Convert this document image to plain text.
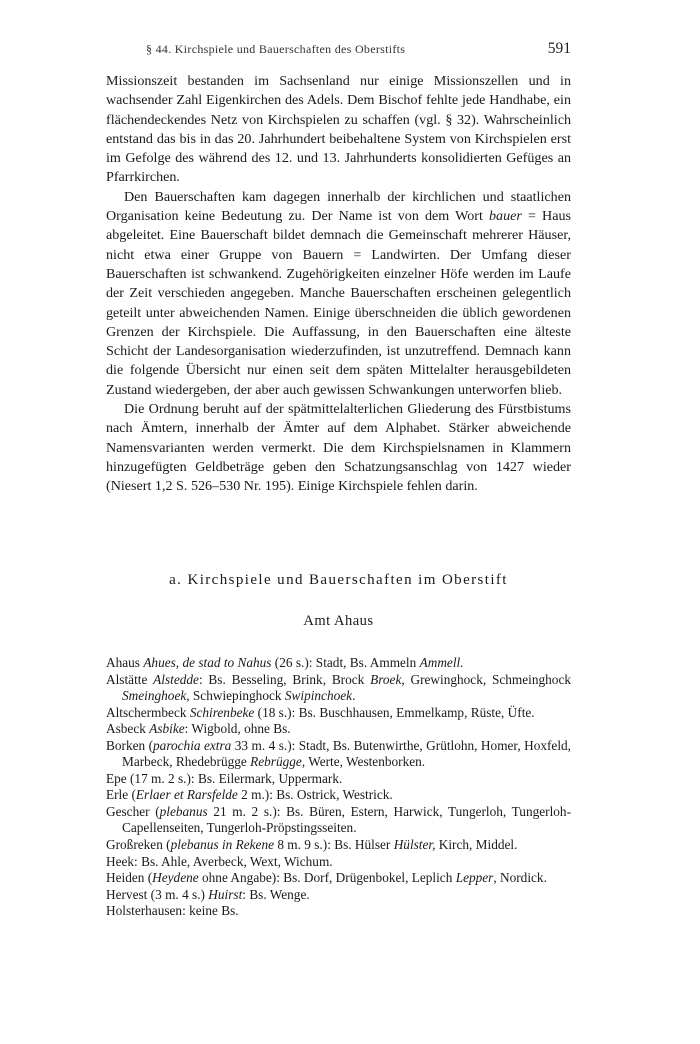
§ 44. Kirchspiele und Bauerschaften des Oberstifts	591

Missionszeit bestanden im Sachsenland nur einige Missionszellen und in wachsender Zahl Eigenkirchen des Adels. Dem Bischof fehlte jede Handhabe, ein flächendeckendes Netz von Kirchspielen zu schaffen (vgl. § 32). Wahrscheinlich entstand das bis in das 20. Jahrhundert beibehaltene System von Kirchspielen erst im Gefolge des während des 12. und 13. Jahrhunderts konsolidierten Gefüges an Pfarrkirchen.

Den Bauerschaften kam dagegen innerhalb der kirchlichen und staatlichen Organisation keine Bedeutung zu. Der Name ist von dem Wort bauer = Haus abgeleitet. Eine Bauerschaft bildet demnach die Gemeinschaft mehrerer Häuser, nicht etwa einer Gruppe von Bauern = Landwirten. Der Umfang dieser Bauerschaften ist schwankend. Zugehörigkeiten einzelner Höfe werden im Laufe der Zeit verschieden angegeben. Manche Bauerschaften erscheinen gelegentlich geteilt unter abweichenden Namen. Einige überschneiden die üblich gewordenen Grenzen der Kirchspiele. Die Auffassung, in den Bauerschaften eine älteste Schicht der Landesorganisation wiederzufinden, ist unzutreffend. Demnach kann die folgende Übersicht nur einen seit dem späten Mittelalter herausgebildeten Zustand wiedergeben, der aber auch gewissen Schwankungen unterworfen blieb.

Die Ordnung beruht auf der spätmittelalterlichen Gliederung des Fürstbistums nach Ämtern, innerhalb der Ämter auf dem Alphabet. Stärker abweichende Namensvarianten werden vermerkt. Die dem Kirchspielsnamen in Klammern hinzugefügten Geldbeträge geben den Schatzungsanschlag von 1427 wieder (Niesert 1,2 S. 526–530 Nr. 195). Einige Kirchspiele fehlen darin.

a. Kirchspiele und Bauerschaften im Oberstift
Amt Ahaus
Ahaus Ahues, de stad to Nahus (26 s.): Stadt, Bs. Ammeln Ammell.
Alstätte Alstedde: Bs. Besseling, Brink, Brock Broek, Grewinghock, Schmeinghock Smeinghoek, Schwiepinghock Swipinchoek.
Altschermbeck Schirenbeke (18 s.): Bs. Buschhausen, Emmelkamp, Rüste, Üfte.
Asbeck Asbike: Wigbold, ohne Bs.
Borken (parochia extra 33 m. 4 s.): Stadt, Bs. Butenwirthe, Grütlohn, Homer, Hoxfeld, Marbeck, Rhedebrügge Rebrügge, Werte, Westenborken.
Epe (17 m. 2 s.): Bs. Eilermark, Uppermark.
Erle (Erlaer et Rarsfelde 2 m.): Bs. Ostrick, Westrick.
Gescher (plebanus 21 m. 2 s.): Bs. Büren, Estern, Harwick, Tungerloh, Tungerloh-Capellenseiten, Tungerloh-Pröpstingsseiten.
Großreken (plebanus in Rekene 8 m. 9 s.): Bs. Hülser Hülster, Kirch, Middel.
Heek: Bs. Ahle, Averbeck, Wext, Wichum.
Heiden (Heydene ohne Angabe): Bs. Dorf, Drügenbokel, Leplich Lepper, Nordick.
Hervest (3 m. 4 s.) Huirst: Bs. Wenge.
Holsterhausen: keine Bs.
